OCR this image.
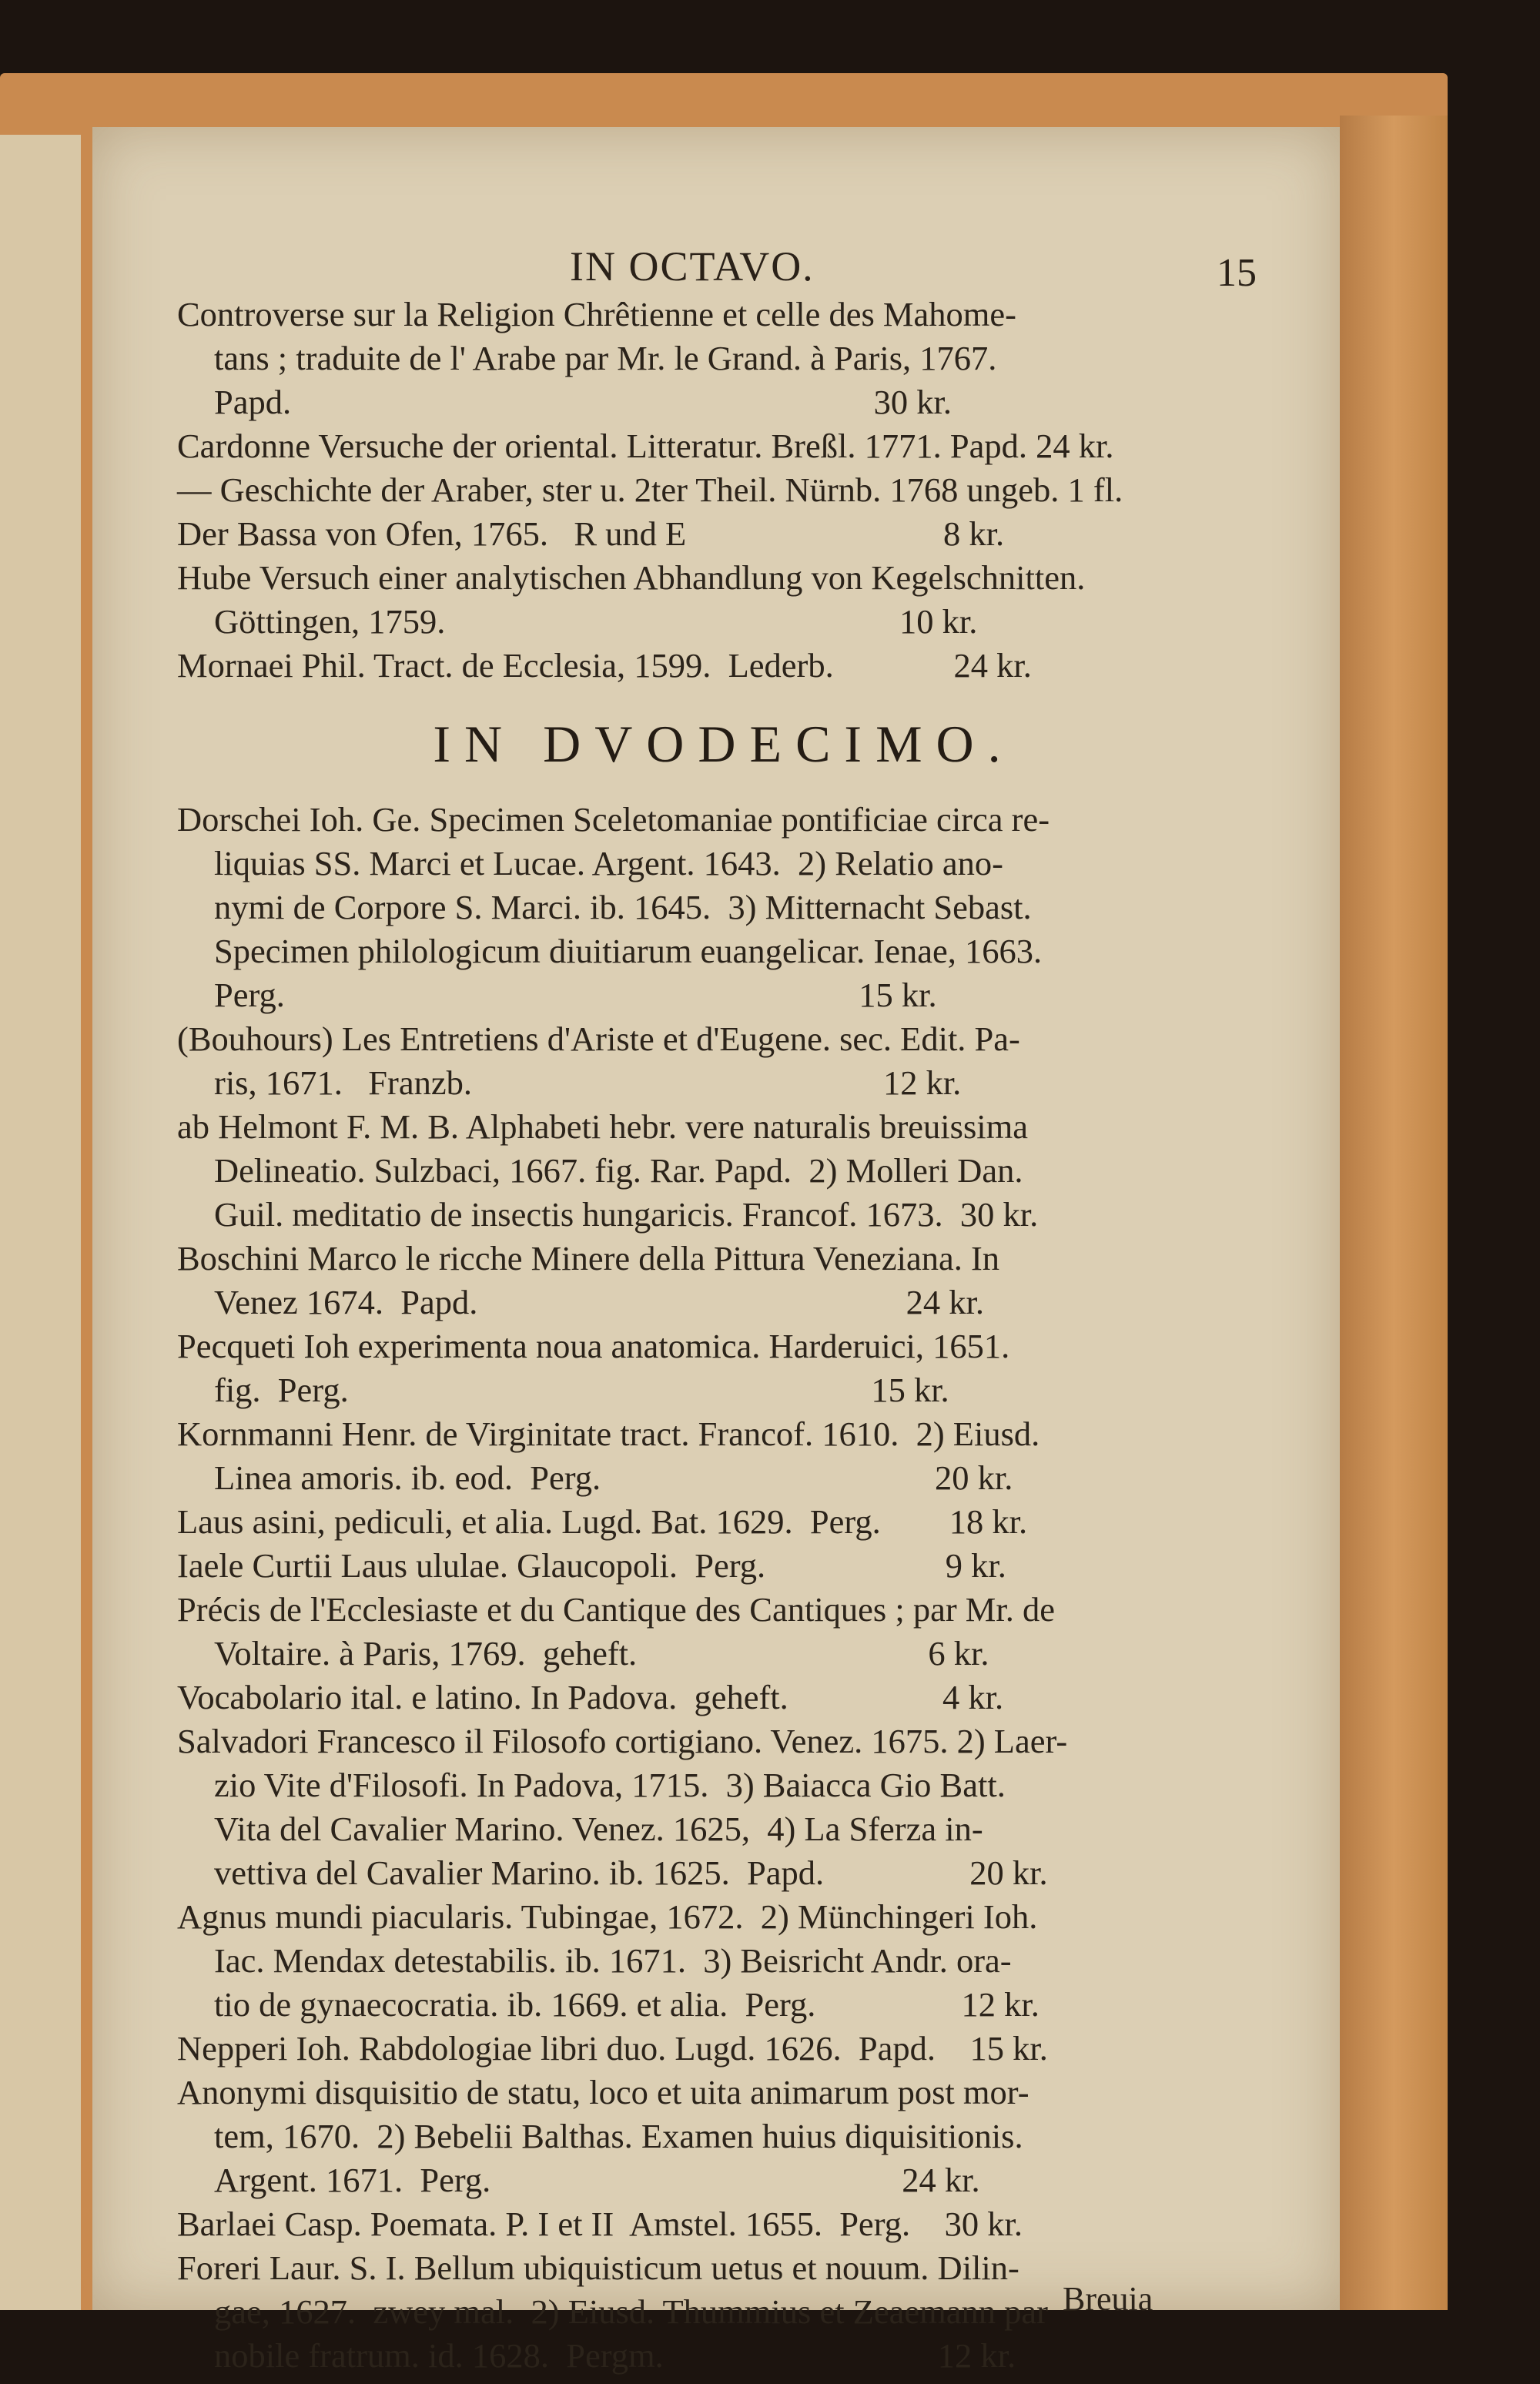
IN OCTAVO.	15
Controverse sur la Religion Chrêtienne et celle des Mahome-
tans ; traduite de l' Arabe par Mr. le Grand. à Paris, 1767.
Papd.                                                                    30 kr.
Cardonne Versuche der oriental. Litteratur. Breßl. 1771. Papd. 24 kr.
— Geschichte der Araber, ster u. 2ter Theil. Nürnb. 1768 ungeb. 1 fl.
Der Bassa von Ofen, 1765.   R und E                              8 kr.
Hube Versuch einer analytischen Abhandlung von Kegelschnitten.
Göttingen, 1759.                                                     10 kr.
Mornaei Phil. Tract. de Ecclesia, 1599.  Lederb.              24 kr.
IN DVODECIMO.
Dorschei Ioh. Ge. Specimen Sceletomaniae pontificiae circa re-
liquias SS. Marci et Lucae. Argent. 1643.  2) Relatio ano-
nymi de Corpore S. Marci. ib. 1645.  3) Mitternacht Sebast.
Specimen philologicum diuitiarum euangelicar. Ienae, 1663.
Perg.                                                                   15 kr.
(Bouhours) Les Entretiens d'Ariste et d'Eugene. sec. Edit. Pa-
ris, 1671.   Franzb.                                                12 kr.
ab Helmont F. M. B. Alphabeti hebr. vere naturalis breuissima
Delineatio. Sulzbaci, 1667. fig. Rar. Papd.  2) Molleri Dan.
Guil. meditatio de insectis hungaricis. Francof. 1673.  30 kr.
Boschini Marco le ricche Minere della Pittura Veneziana. In
Venez 1674.  Papd.                                                  24 kr.
Pecqueti Ioh experimenta noua anatomica. Harderuici, 1651.
fig.  Perg.                                                             15 kr.
Kornmanni Henr. de Virginitate tract. Francof. 1610.  2) Eiusd.
Linea amoris. ib. eod.  Perg.                                       20 kr.
Laus asini, pediculi, et alia. Lugd. Bat. 1629.  Perg.        18 kr.
Iaele Curtii Laus ululae. Glaucopoli.  Perg.                     9 kr.
Précis de l'Ecclesiaste et du Cantique des Cantiques ; par Mr. de
Voltaire. à Paris, 1769.  geheft.                                  6 kr.
Vocabolario ital. e latino. In Padova.  geheft.                  4 kr.
Salvadori Francesco il Filosofo cortigiano. Venez. 1675. 2) Laer-
zio Vite d'Filosofi. In Padova, 1715.  3) Baiacca Gio Batt.
Vita del Cavalier Marino. Venez. 1625,  4) La Sferza in-
vettiva del Cavalier Marino. ib. 1625.  Papd.                 20 kr.
Agnus mundi piacularis. Tubingae, 1672.  2) Münchingeri Ioh.
Iac. Mendax detestabilis. ib. 1671.  3) Beisricht Andr. ora-
tio de gynaecocratia. ib. 1669. et alia.  Perg.                 12 kr.
Nepperi Ioh. Rabdologiae libri duo. Lugd. 1626.  Papd.    15 kr.
Anonymi disquisitio de statu, loco et uita animarum post mor-
tem, 1670.  2) Bebelii Balthas. Examen huius diquisitionis.
Argent. 1671.  Perg.                                                24 kr.
Barlaei Casp. Poemata. P. I et II  Amstel. 1655.  Perg.    30 kr.
Foreri Laur. S. I. Bellum ubiquisticum uetus et nouum. Dilin-
gae, 1627.  zwey mal.  2) Eiusd. Thummius et Zeaemann par
nobile fratrum. id. 1628.  Pergm.                                12 kr.
Breuia
